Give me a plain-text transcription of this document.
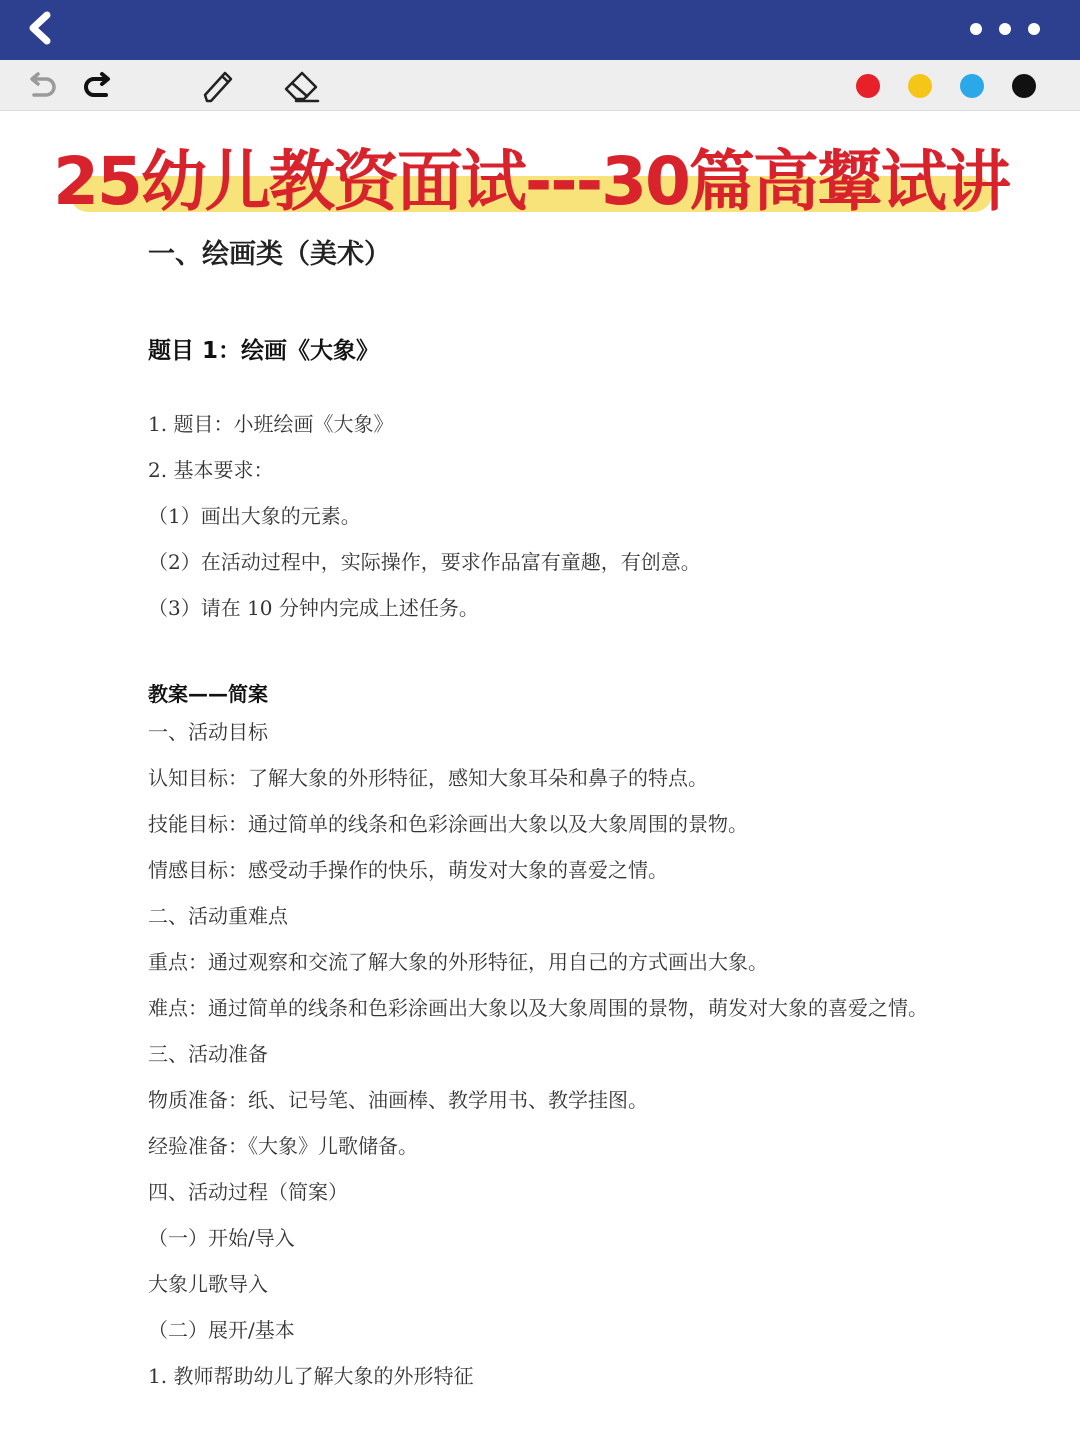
25幼儿教资面试---30篇高颦试讲
一、绘画类（美术）
题目 1：绘画《大象》
1. 题目：小班绘画《大象》
2. 基本要求：
（1）画出大象的元素。
（2）在活动过程中，实际操作，要求作品富有童趣，有创意。
（3）请在 10 分钟内完成上述任务。
教案——简案
一、活动目标
认知目标：了解大象的外形特征，感知大象耳朵和鼻子的特点。
技能目标：通过简单的线条和色彩涂画出大象以及大象周围的景物。
情感目标：感受动手操作的快乐，萌发对大象的喜爱之情。
二、活动重难点
重点：通过观察和交流了解大象的外形特征，用自己的方式画出大象。
难点：通过简单的线条和色彩涂画出大象以及大象周围的景物，萌发对大象的喜爱之情。
三、活动准备
物质准备：纸、记号笔、油画棒、教学用书、教学挂图。
经验准备：《大象》儿歌储备。
四、活动过程（简案）
（一）开始/导入
大象儿歌导入
（二）展开/基本
1. 教师帮助幼儿了解大象的外形特征
